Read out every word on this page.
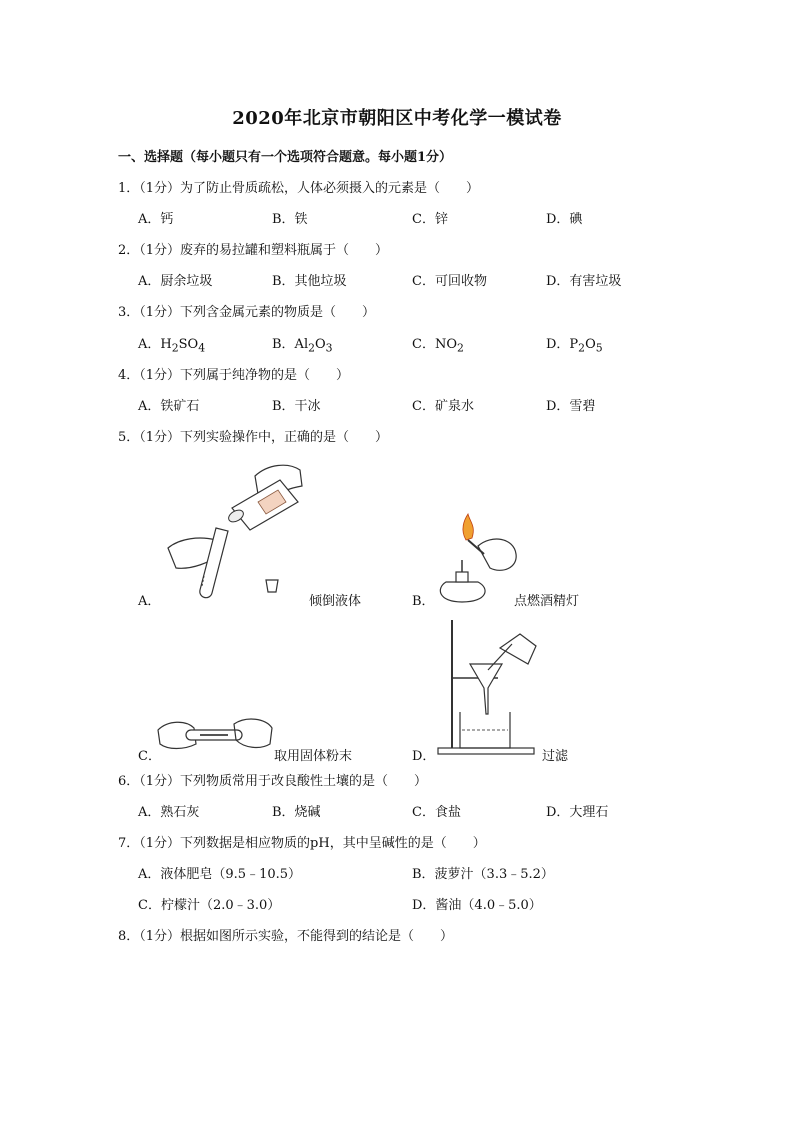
2020年北京市朝阳区中考化学一模试卷
一、选择题（每小题只有一个选项符合题意。每小题1分）
1．（1分）为了防止骨质疏松，人体必须摄入的元素是（　　）
A．钙	B．铁	C．锌	D．碘
2．（1分）废弃的易拉罐和塑料瓶属于（　　）
A．厨余垃圾	B．其他垃圾	C．可回收物	D．有害垃圾
3．（1分）下列含金属元素的物质是（　　）
A．$H_2SO_4$	B．$Al_2O_3$	C．$NO_2$	D．$P_2O_5$
4．（1分）下列属于纯净物的是（　　）
A．铁矿石	B．干冰	C．矿泉水	D．雪碧
5．（1分）下列实验操作中，正确的是（　　）
A．	倾倒液体	B．	点燃酒精灯
C．	取用固体粉末	D．	过滤
6．（1分）下列物质常用于改良酸性土壤的是（　　）
A．熟石灰	B．烧碱	C．食盐	D．大理石
7．（1分）下列数据是相应物质的pH，其中呈碱性的是（　　）
A．液体肥皂（9.5﹣10.5）	B．菠萝汁（3.3﹣5.2）
C．柠檬汁（2.0﹣3.0）	D．酱油（4.0﹣5.0）
8．（1分）根据如图所示实验，不能得到的结论是（　　）
